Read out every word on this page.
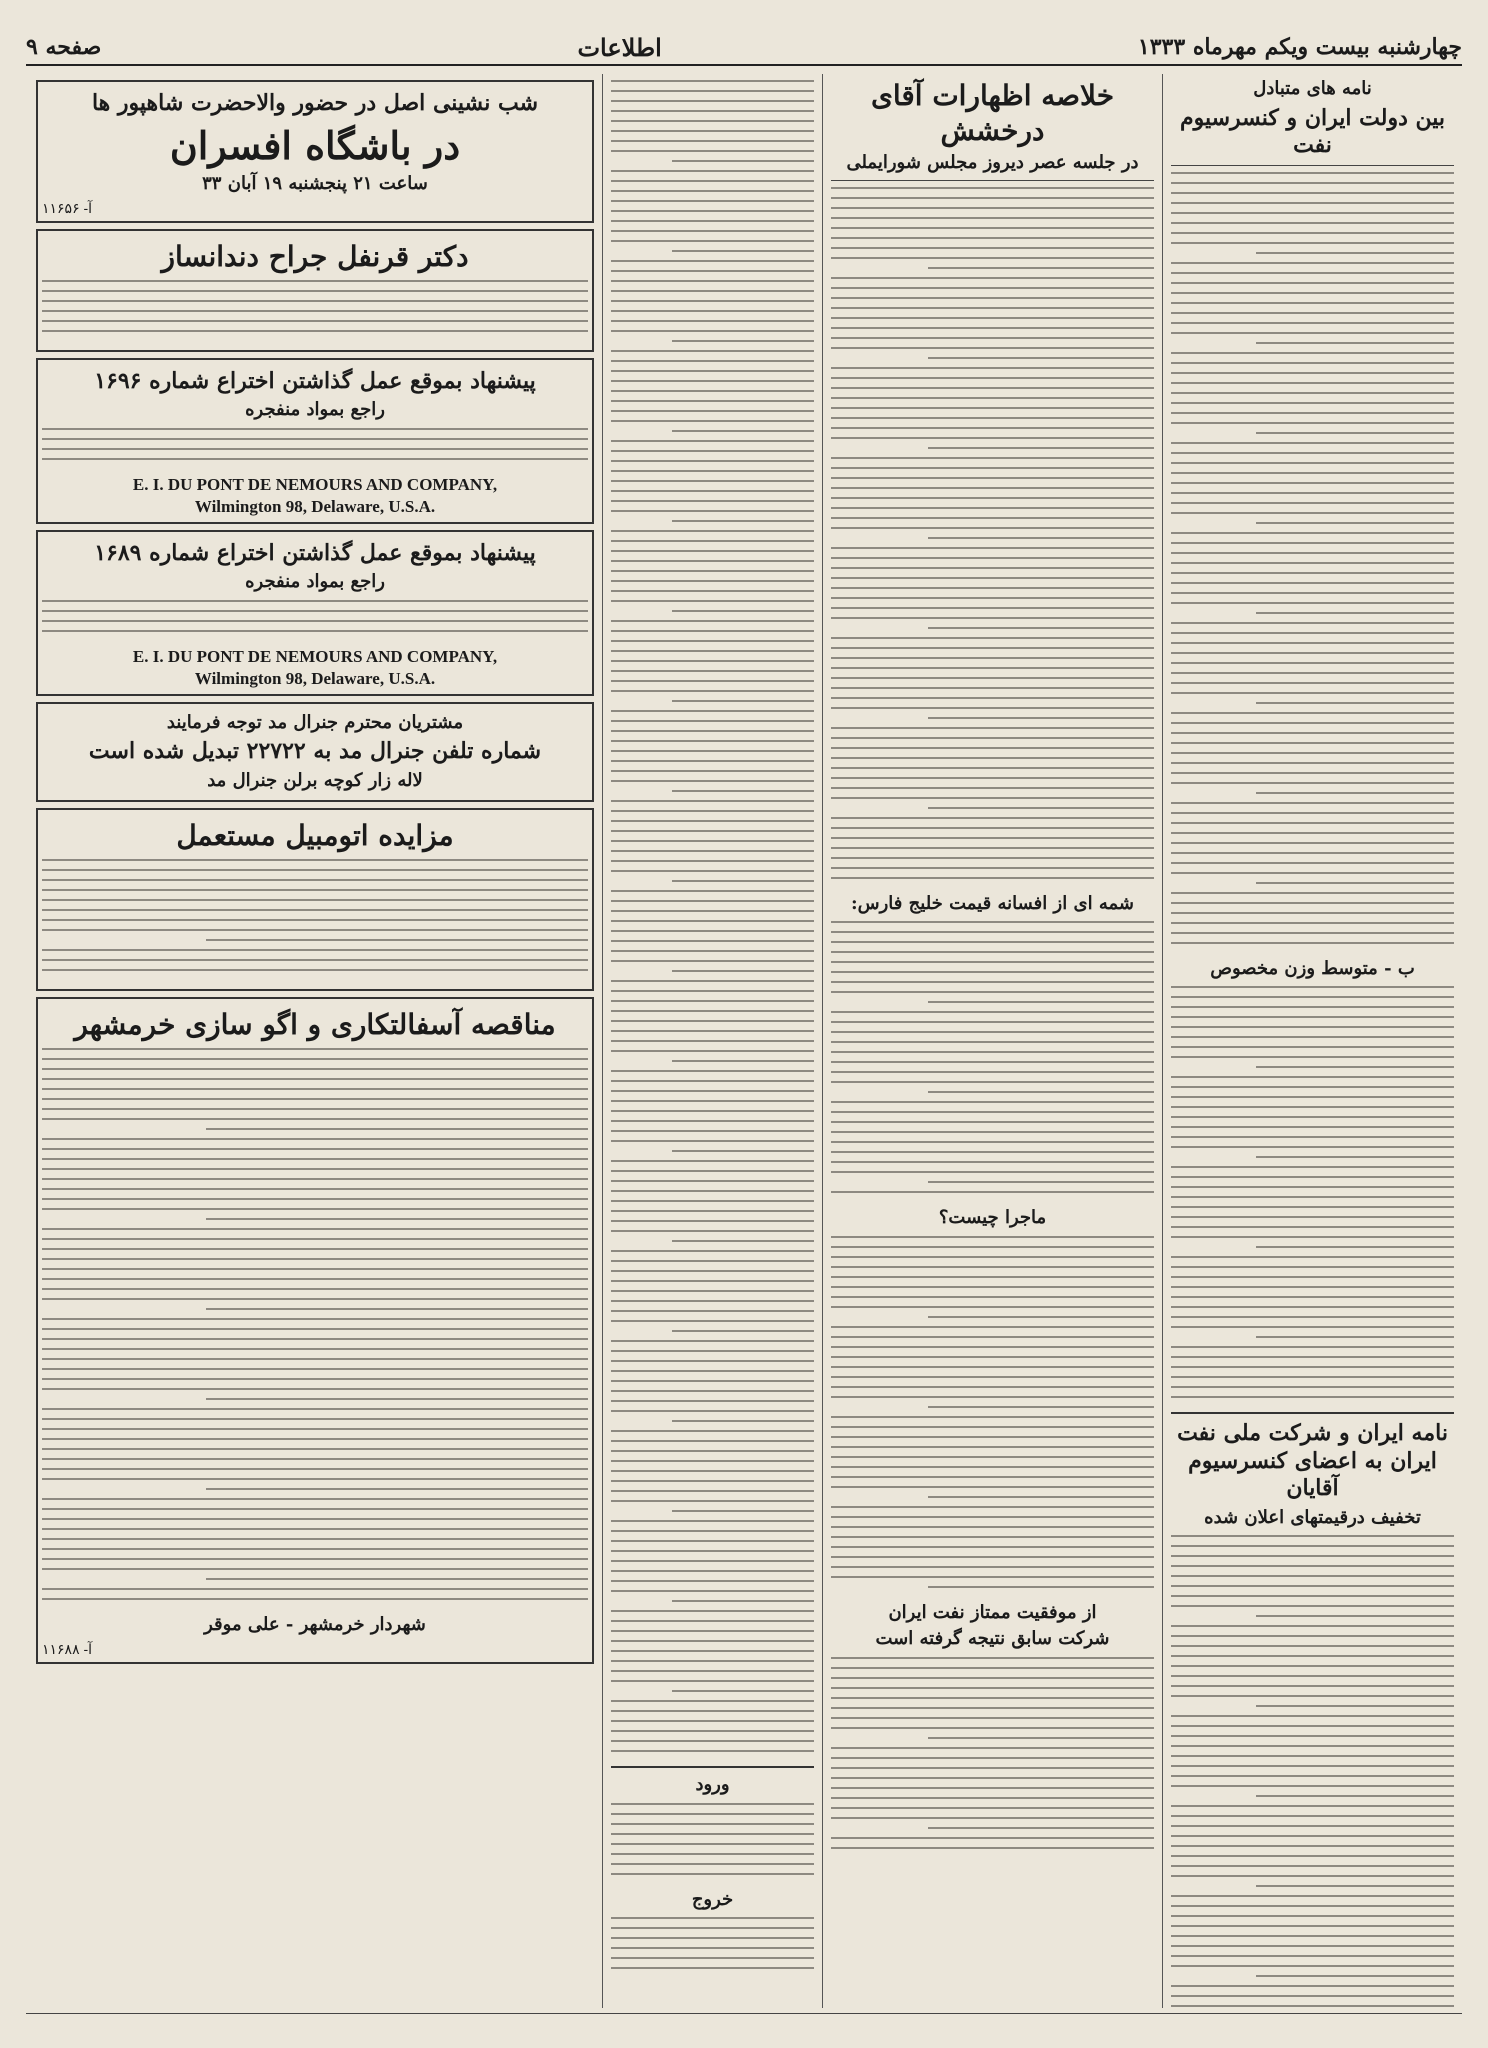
چهارشنبه بیست ویکم مهرماه ۱۳۳۳
اطلاعات
صفحه ۹
نامه های متبادل
بین دولت ایران و کنسرسیوم نفت
ب - متوسط وزن مخصوص
نامه ایران و شرکت ملی نفت ایران به اعضای کنسرسیوم آقایان
تخفیف درقیمتهای اعلان شده
خلاصه اظهارات آقای درخشش
در جلسه عصر دیروز مجلس شورایملی
شمه ای از افسانه قیمت خلیج فارس:
ماجرا چیست؟
از موفقیت ممتاز نفت ایران
شرکت سابق نتیجه گرفته است
ورود
خروج
شب نشینی اصل در حضور والاحضرت شاهپور ها
در باشگاه افسران
ساعت ۲۱ پنجشنبه ۱۹ آبان ۳۳
آ- ۱۱۶۵۶
دکتر قرنفل جراح دندانساز
پیشنهاد بموقع عمل گذاشتن اختراع شماره ۱۶۹۶
راجع بمواد منفجره
E. I. DU PONT DE NEMOURS AND COMPANY,
Wilmington 98, Delaware, U.S.A.
پیشنهاد بموقع عمل گذاشتن اختراع شماره ۱۶۸۹
راجع بمواد منفجره
E. I. DU PONT DE NEMOURS AND COMPANY,
Wilmington 98, Delaware, U.S.A.
مشتریان محترم جنرال مد توجه فرمایند
شماره تلفن جنرال مد به ۲۲۷۲۲ تبدیل شده است
لاله زار کوچه برلن جنرال مد
مزایده اتومبیل مستعمل
مناقصه آسفالتکاری و اگو سازی خرمشهر
شهردار خرمشهر - علی موقر
آ- ۱۱۶۸۸
